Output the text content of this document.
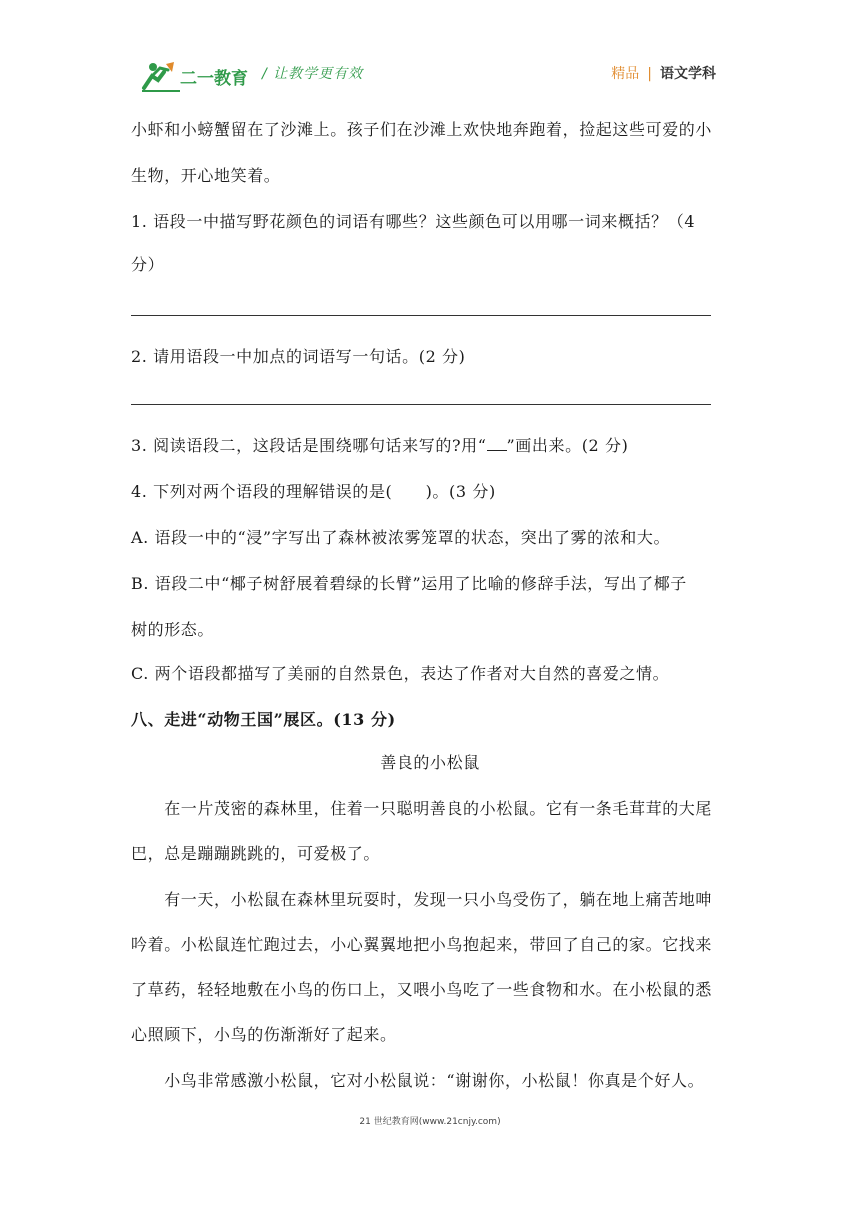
二一教育 / 让教学更有效	精品 | 语文学科
小虾和小螃蟹留在了沙滩上。孩子们在沙滩上欢快地奔跑着，捡起这些可爱的小
生物，开心地笑着。
1. 语段一中描写野花颜色的词语有哪些？这些颜色可以用哪一词来概括？（4
分）
2. 请用语段一中加点的词语写一句话。(2 分)
3. 阅读语段二，这段话是围绕哪句话来写的?用“ ”画出来。(2 分)
4. 下列对两个语段的理解错误的是(　　)。(3 分)
A. 语段一中的“浸”字写出了森林被浓雾笼罩的状态，突出了雾的浓和大。
B. 语段二中“椰子树舒展着碧绿的长臂”运用了比喻的修辞手法，写出了椰子
树的形态。
C. 两个语段都描写了美丽的自然景色，表达了作者对大自然的喜爱之情。
八、走进“动物王国”展区。(13 分)
善良的小松鼠
　　在一片茂密的森林里，住着一只聪明善良的小松鼠。它有一条毛茸茸的大尾
巴，总是蹦蹦跳跳的，可爱极了。
　　有一天，小松鼠在森林里玩耍时，发现一只小鸟受伤了，躺在地上痛苦地呻
吟着。小松鼠连忙跑过去，小心翼翼地把小鸟抱起来，带回了自己的家。它找来
了草药，轻轻地敷在小鸟的伤口上，又喂小鸟吃了一些食物和水。在小松鼠的悉
心照顾下，小鸟的伤渐渐好了起来。
　　小鸟非常感激小松鼠，它对小松鼠说：“谢谢你，小松鼠！你真是个好人。
21 世纪教育网(www.21cnjy.com)
